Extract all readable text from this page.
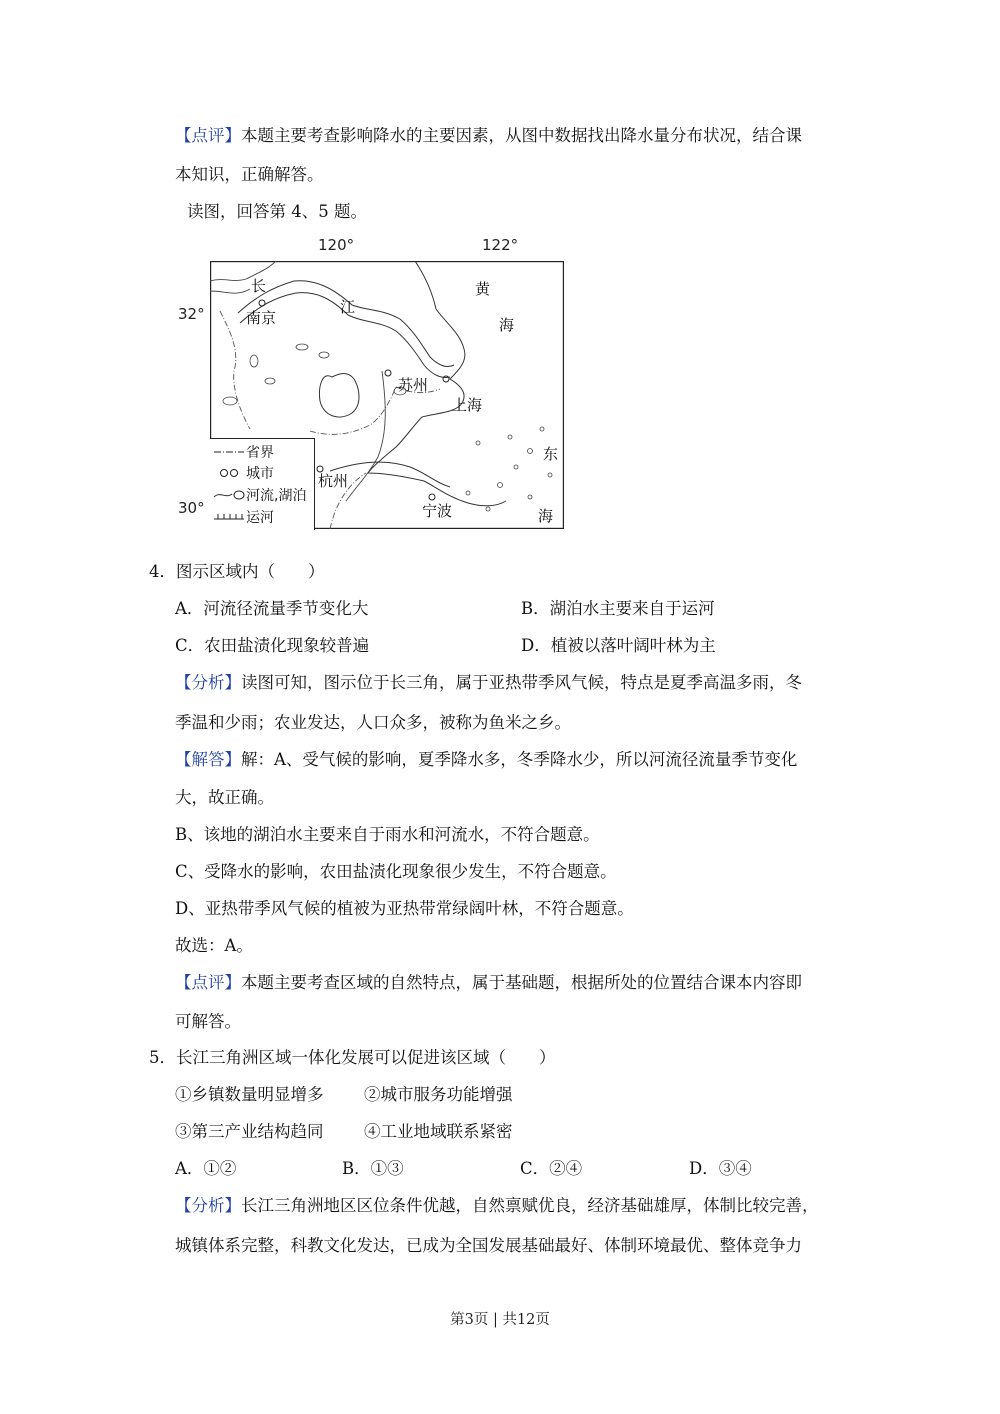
【点评】本题主要考查影响降水的主要因素，从图中数据找出降水量分布状况，结合课
本知识，正确解答。
读图，回答第 4、5 题。
120°	122°
32°
30°
长
江
南京
黄
海
苏州
上海
东
杭州
宁波	海
省界
城市
河流,湖泊
运河
4．图示区域内（　　）
A．河流径流量季节变化大	B．湖泊水主要来自于运河
C．农田盐渍化现象较普遍	D．植被以落叶阔叶林为主
【分析】读图可知，图示位于长三角，属于亚热带季风气候，特点是夏季高温多雨，冬
季温和少雨；农业发达，人口众多，被称为鱼米之乡。
【解答】解：A、受气候的影响，夏季降水多，冬季降水少，所以河流径流量季节变化
大，故正确。
B、该地的湖泊水主要来自于雨水和河流水，不符合题意。
C、受降水的影响，农田盐渍化现象很少发生，不符合题意。
D、亚热带季风气候的植被为亚热带常绿阔叶林，不符合题意。
故选：A。
【点评】本题主要考查区域的自然特点，属于基础题，根据所处的位置结合课本内容即
可解答。
5．长江三角洲区域一体化发展可以促进该区域（　　）
①乡镇数量明显增多 ②城市服务功能增强
③第三产业结构趋同 ④工业地域联系紧密
A．①②	B．①③	C．②④	D．③④
【分析】长江三角洲地区区位条件优越，自然禀赋优良，经济基础雄厚，体制比较完善，
城镇体系完整，科教文化发达，已成为全国发展基础最好、体制环境最优、整体竞争力
第3页 | 共12页
